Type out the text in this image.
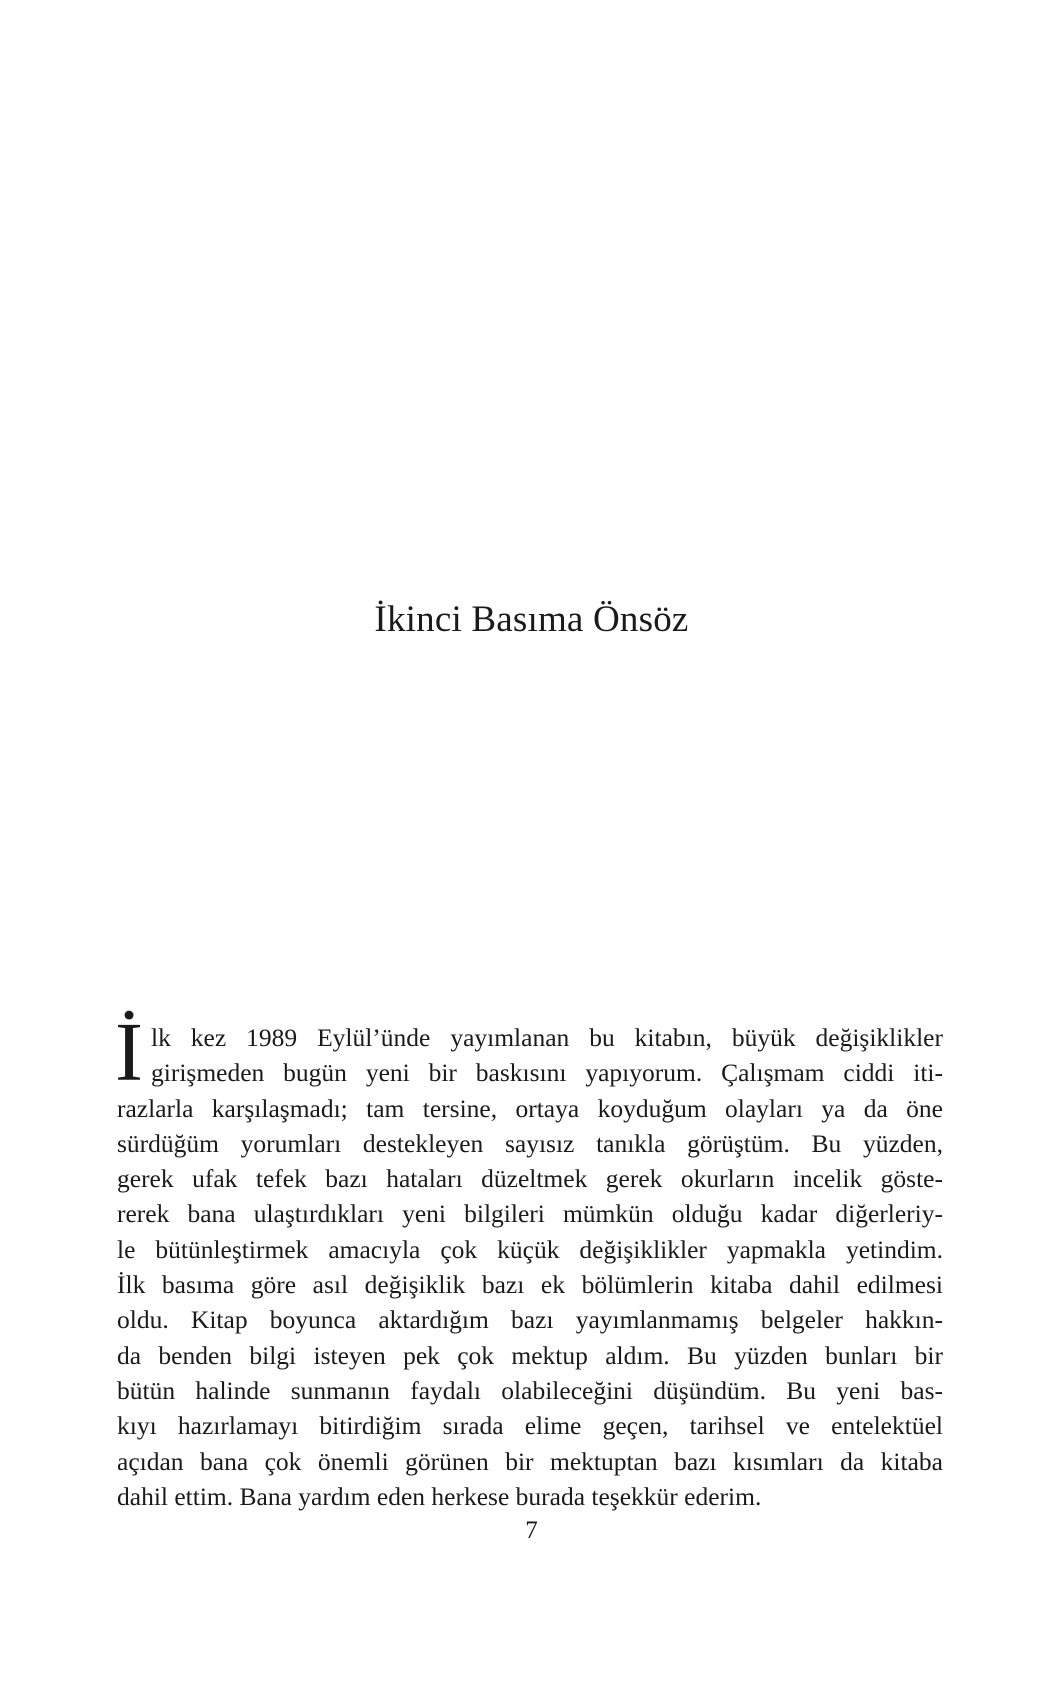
İkinci Basıma Önsöz
İ lk kez 1989 Eylül’ünde yayımlanan bu kitabın, büyük değişiklikler
girişmeden bugün yeni bir baskısını yapıyorum. Çalışmam ciddi iti-
razlarla karşılaşmadı; tam tersine, ortaya koyduğum olayları ya da öne
sürdüğüm yorumları destekleyen sayısız tanıkla görüştüm. Bu yüzden,
gerek ufak tefek bazı hataları düzeltmek gerek okurların incelik göste-
rerek bana ulaştırdıkları yeni bilgileri mümkün olduğu kadar diğerleriy-
le bütünleştirmek amacıyla çok küçük değişiklikler yapmakla yetindim.
İlk basıma göre asıl değişiklik bazı ek bölümlerin kitaba dahil edilmesi
oldu. Kitap boyunca aktardığım bazı yayımlanmamış belgeler hakkın-
da benden bilgi isteyen pek çok mektup aldım. Bu yüzden bunları bir
bütün halinde sunmanın faydalı olabileceğini düşündüm. Bu yeni bas-
kıyı hazırlamayı bitirdiğim sırada elime geçen, tarihsel ve entelektüel
açıdan bana çok önemli görünen bir mektuptan bazı kısımları da kitaba
dahil ettim. Bana yardım eden herkese burada teşekkür ederim.
7
